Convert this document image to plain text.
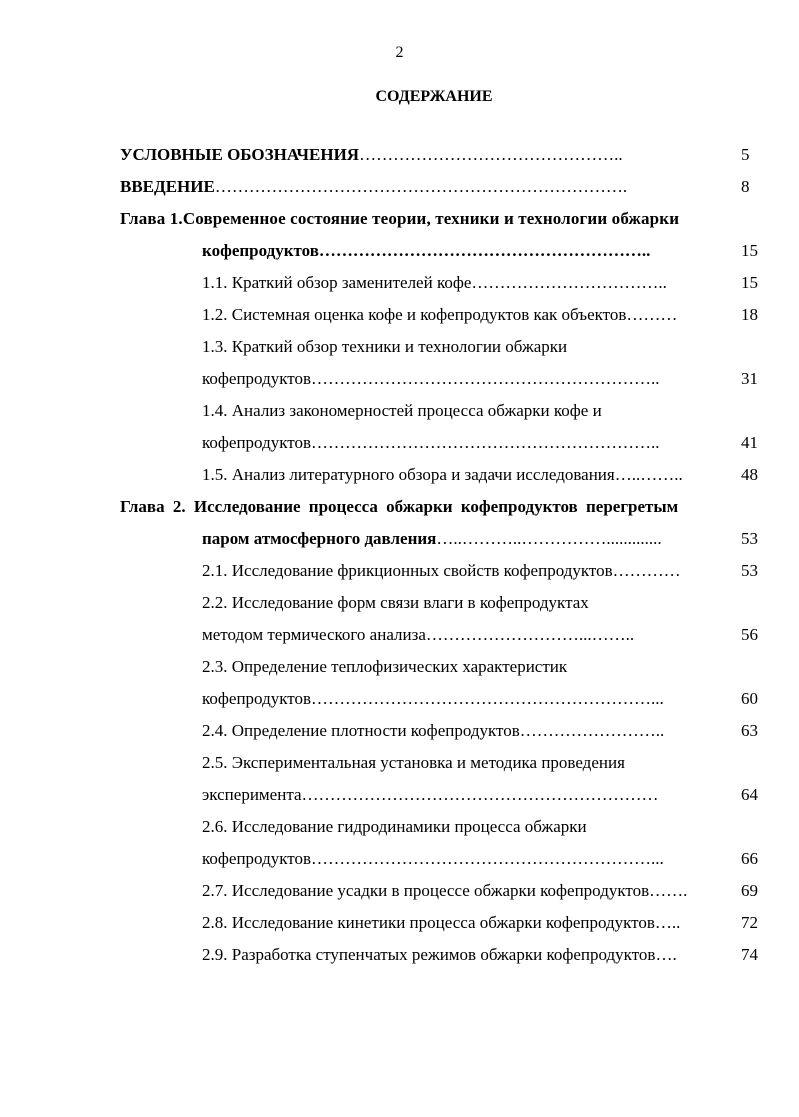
2
СОДЕРЖАНИЕ
УСЛОВНЫЕ ОБОЗНАЧЕНИЯ………………………………………..	5
ВВЕДЕНИЕ……………………………………………………………….	8
Глава 1.Современное состояние теории, техники и технологии обжарки
кофепродуктов…………………………………………………..	15
1.1. Краткий обзор заменителей кофе……………………………..	15
1.2. Системная оценка кофе и кофепродуктов как объектов………	18
1.3. Краткий обзор техники и технологии обжарки
кофепродуктов……………………………………………………..	31
1.4. Анализ закономерностей процесса обжарки кофе и
кофепродуктов……………………………………………………..	41
1.5. Анализ литературного обзора и задачи исследования…..……..	48
Глава 2. Исследование процесса обжарки кофепродуктов перегретым
паром атмосферного давления…..………..…………….............	53
2.1. Исследование фрикционных свойств кофепродуктов…………	53
2.2. Исследование форм связи влаги в кофепродуктах
методом термического анализа………………………...……..	56
2.3. Определение теплофизических характеристик
кофепродуктов……………………………………………………...	60
2.4. Определение плотности кофепродуктов……………………..	63
2.5. Экспериментальная установка и методика проведения
эксперимента………………………………………………………	64
2.6. Исследование гидродинамики процесса обжарки
кофепродуктов……………………………………………………...	66
2.7. Исследование усадки в процессе обжарки кофепродуктов…….	69
2.8. Исследование кинетики процесса обжарки кофепродуктов…..	72
2.9. Разработка ступенчатых режимов обжарки кофепродуктов….	74
